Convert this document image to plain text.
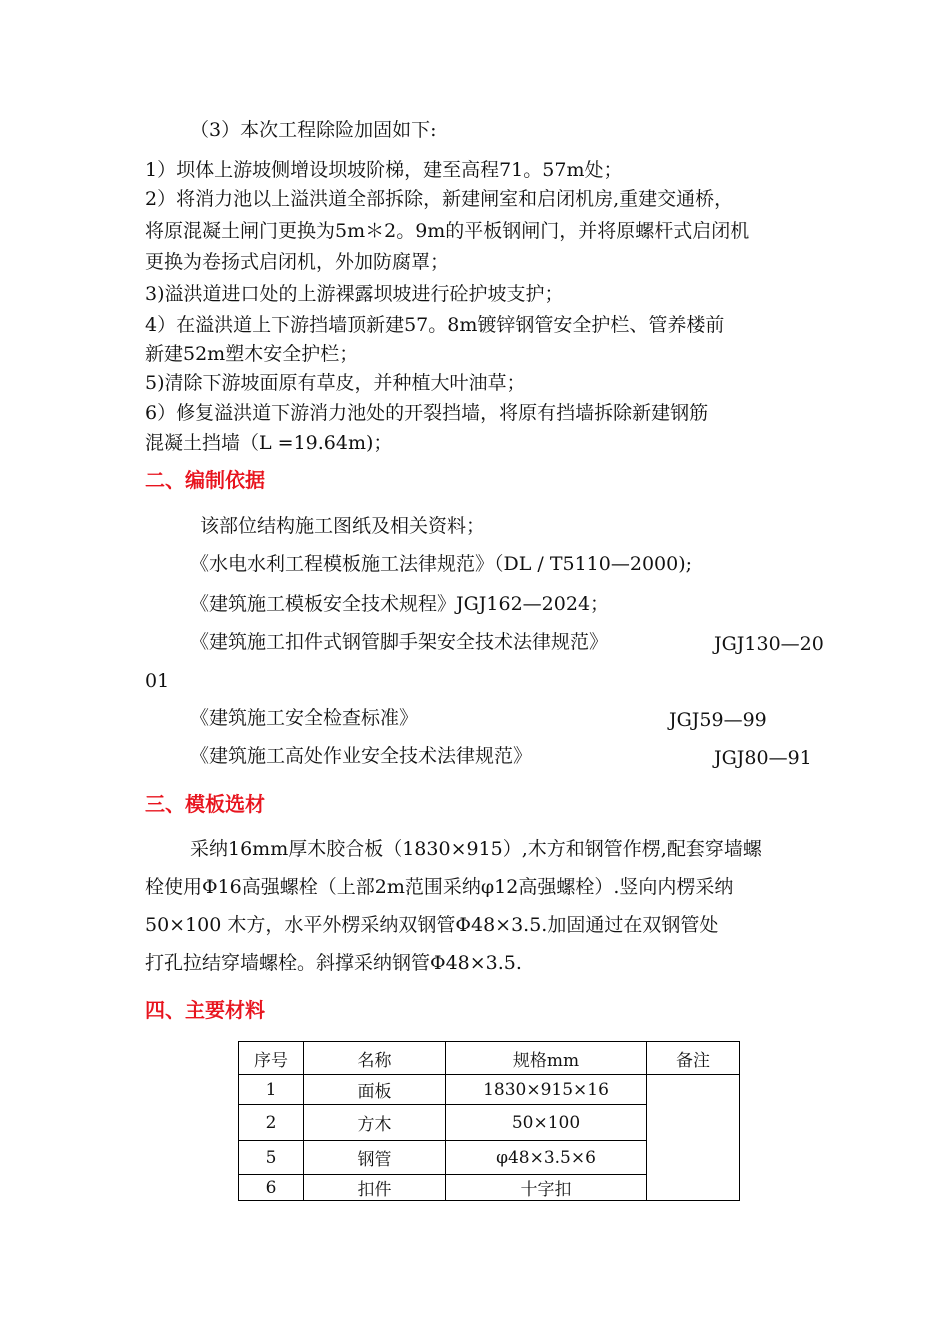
（3）本次工程除险加固如下:
1）坝体上游坡侧增设坝坡阶梯，建至高程71。57m处；
2）将消力池以上溢洪道全部拆除，新建闸室和启闭机房,重建交通桥，
将原混凝土闸门更换为5m＊2。9m的平板钢闸门，并将原螺杆式启闭机
更换为卷扬式启闭机，外加防腐罩；
3)溢洪道进口处的上游裸露坝坡进行砼护坡支护；
4）在溢洪道上下游挡墙顶新建57。8m镀锌钢管安全护栏、管养楼前
新建52m塑木安全护栏；
5)清除下游坡面原有草皮，并种植大叶油草；
6）修复溢洪道下游消力池处的开裂挡墙，将原有挡墙拆除新建钢筋
混凝土挡墙（L =19.64m)；
二、编制依据
该部位结构施工图纸及相关资料；
《水电水利工程模板施工法律规范》（DL / T5110—2000);
《建筑施工模板安全技术规程》JGJ162—2024；
《建筑施工扣件式钢管脚手架安全技术法律规范》	JGJ130—20
01
《建筑施工安全检查标准》	JGJ59—99
《建筑施工高处作业安全技术法律规范》	JGJ80—91
三、模板选材
采纳16mm厚木胶合板（1830×915）,木方和钢管作楞,配套穿墙螺
栓使用Φ16高强螺栓（上部2m范围采纳φ12高强螺栓）.竖向内楞采纳
50×100 木方，水平外楞采纳双钢管Φ48×3.5.加固通过在双钢管处
打孔拉结穿墙螺栓。斜撑采纳钢管Φ48×3.5.
四、主要材料
序号	名称	规格mm	备注
1	面板	1830×915×16	
2	方木	50×100	
5	钢管	φ48×3.5×6	
6	扣件	十字扣	
